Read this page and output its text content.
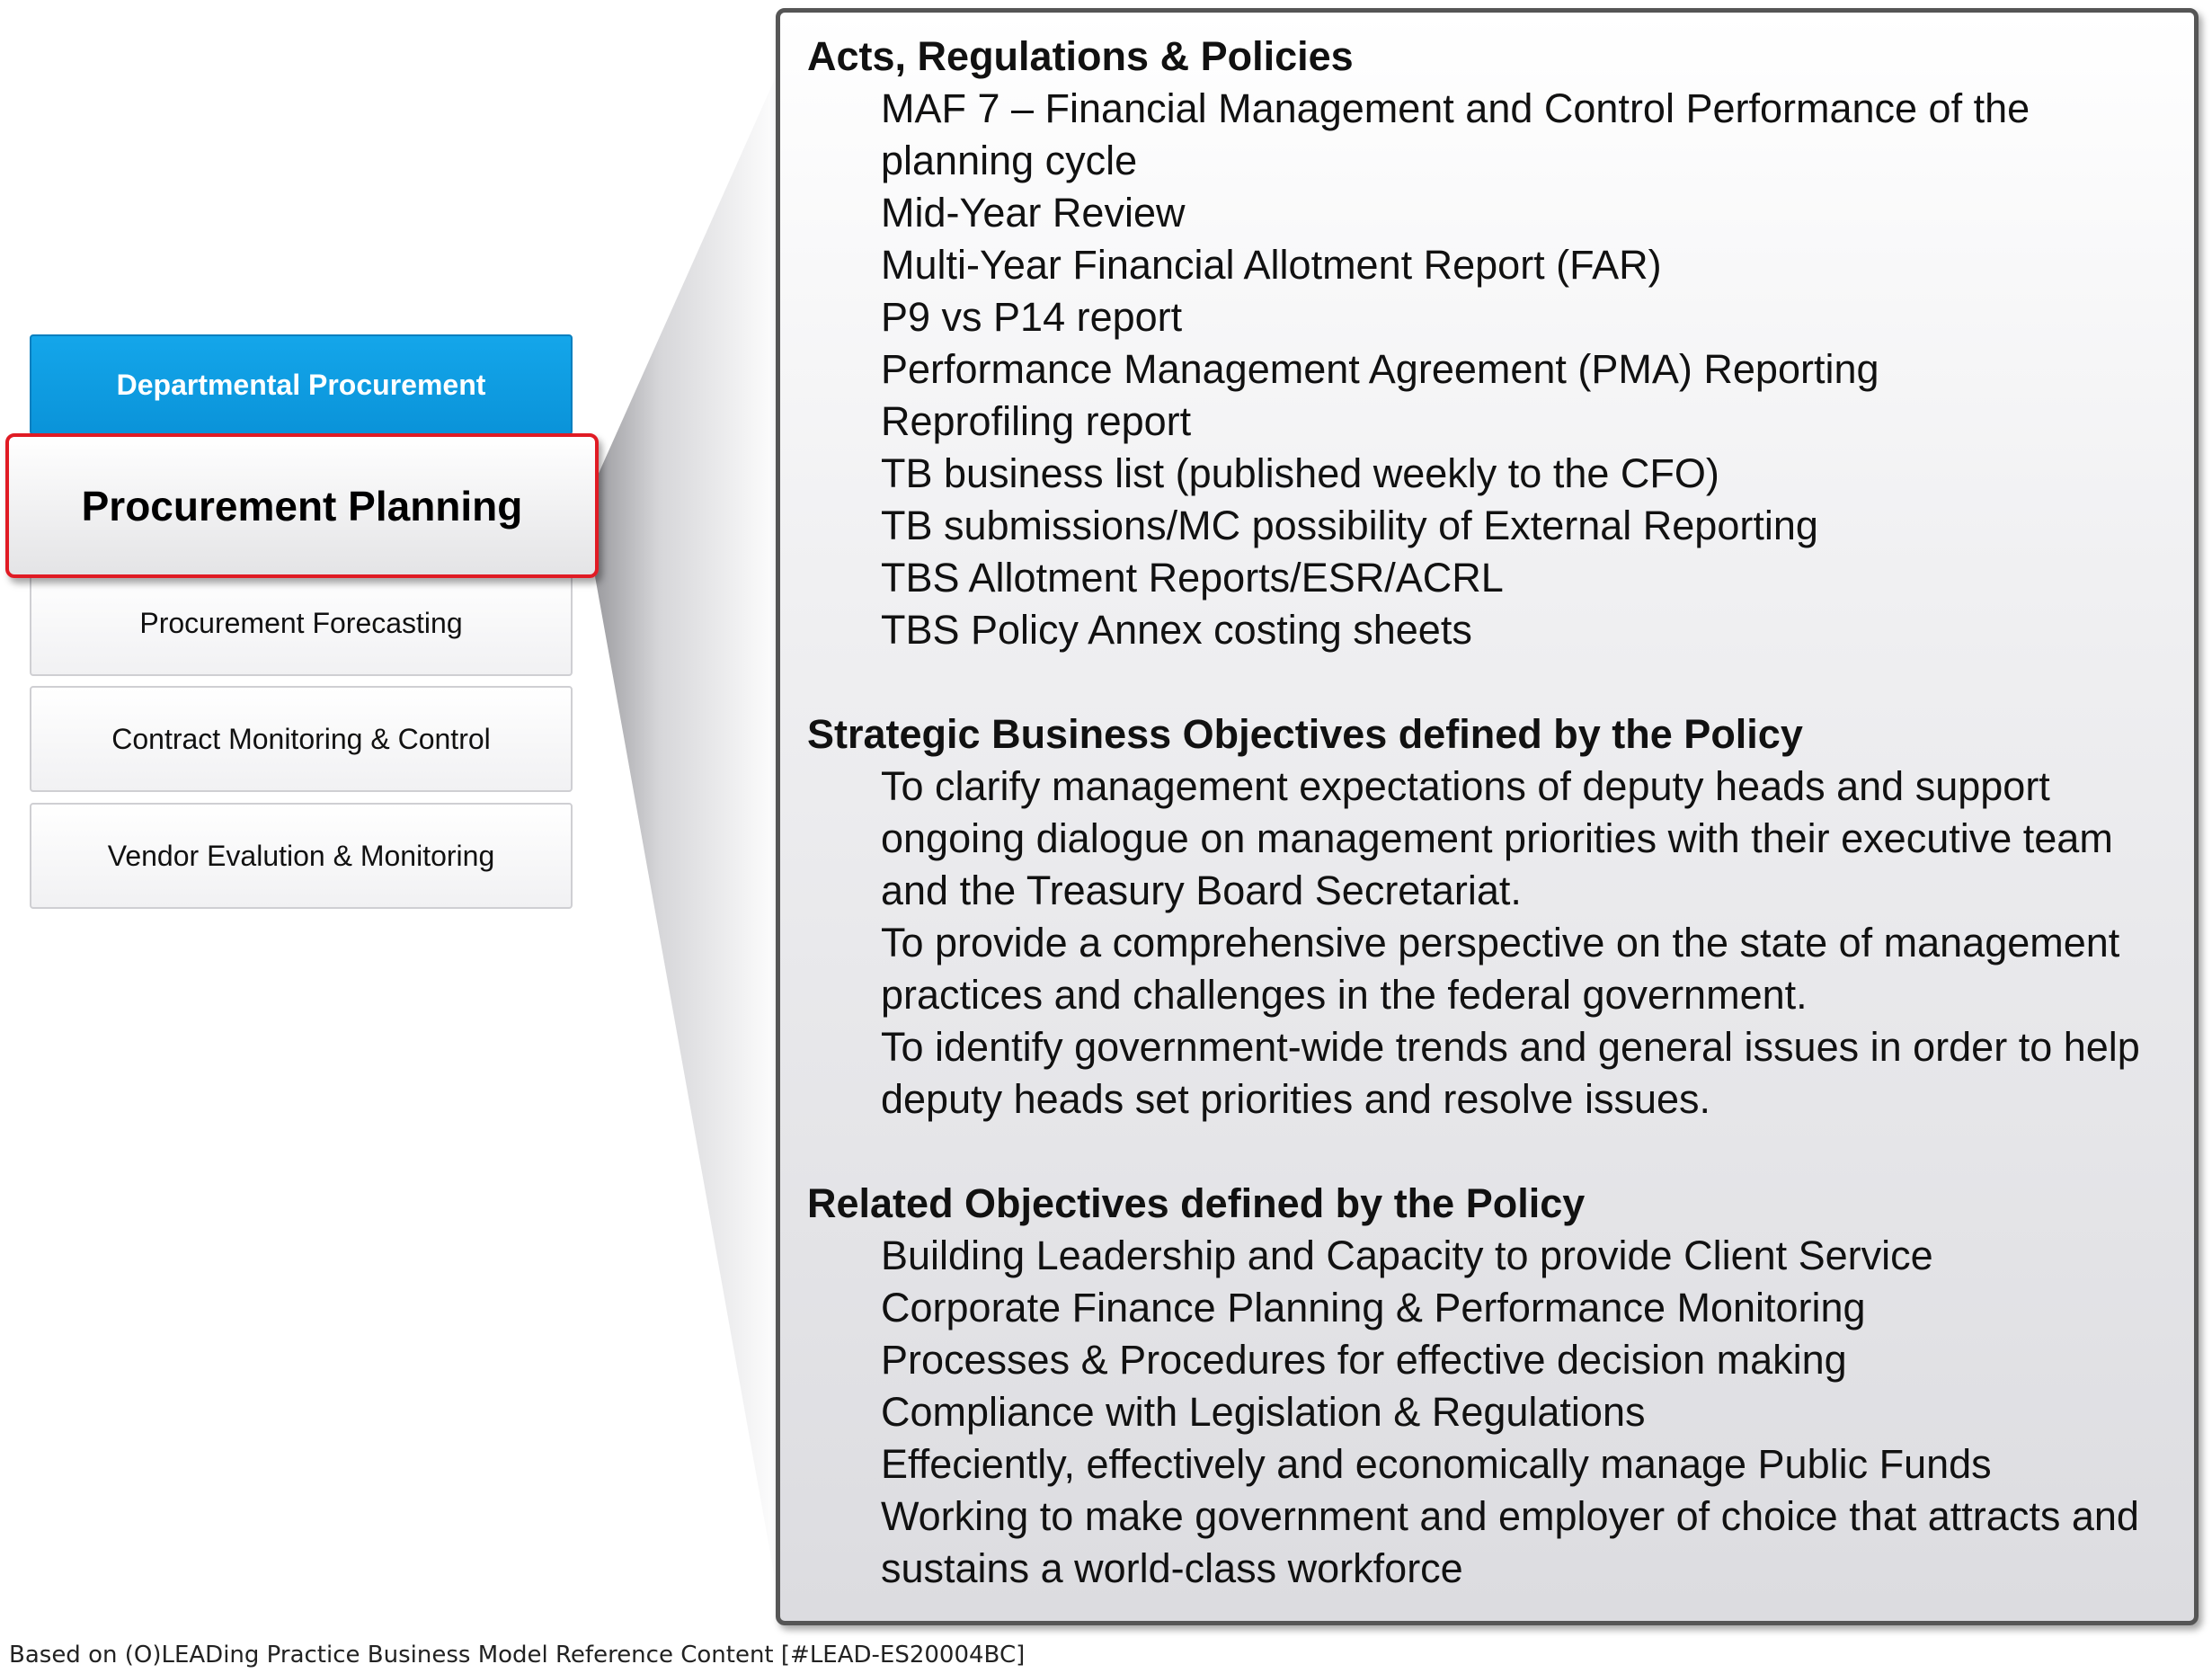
Departmental Procurement
Procurement Planning
Procurement Forecasting
Contract Monitoring & Control
Vendor Evalution & Monitoring

Acts, Regulations & Policies

MAF 7 – Financial Management and Control Performance of the planning cycle
Mid-Year Review
Multi-Year Financial Allotment Report (FAR)
P9 vs P14 report
Performance Management Agreement (PMA) Reporting
Reprofiling report
TB business list (published weekly to the CFO)
TB submissions/MC possibility of External Reporting
TBS Allotment Reports/ESR/ACRL
TBS Policy Annex costing sheets

Strategic Business Objectives defined by the Policy

To clarify management expectations of deputy heads and support ongoing dialogue on management priorities with their executive team and the Treasury Board Secretariat.
To provide a comprehensive perspective on the state of management practices and challenges in the federal government.
To identify government-wide trends and general issues in order to help deputy heads set priorities and resolve issues.

Related Objectives defined by the Policy

Building Leadership and Capacity to provide Client Service
Corporate Finance Planning & Performance Monitoring
Processes & Procedures for effective decision making
Compliance with Legislation & Regulations
Effeciently, effectively and economically manage Public Funds
Working to make government and employer of choice that attracts and sustains a world-class workforce
Based on (O)LEADing Practice Business Model Reference Content [#LEAD-ES20004BC]
